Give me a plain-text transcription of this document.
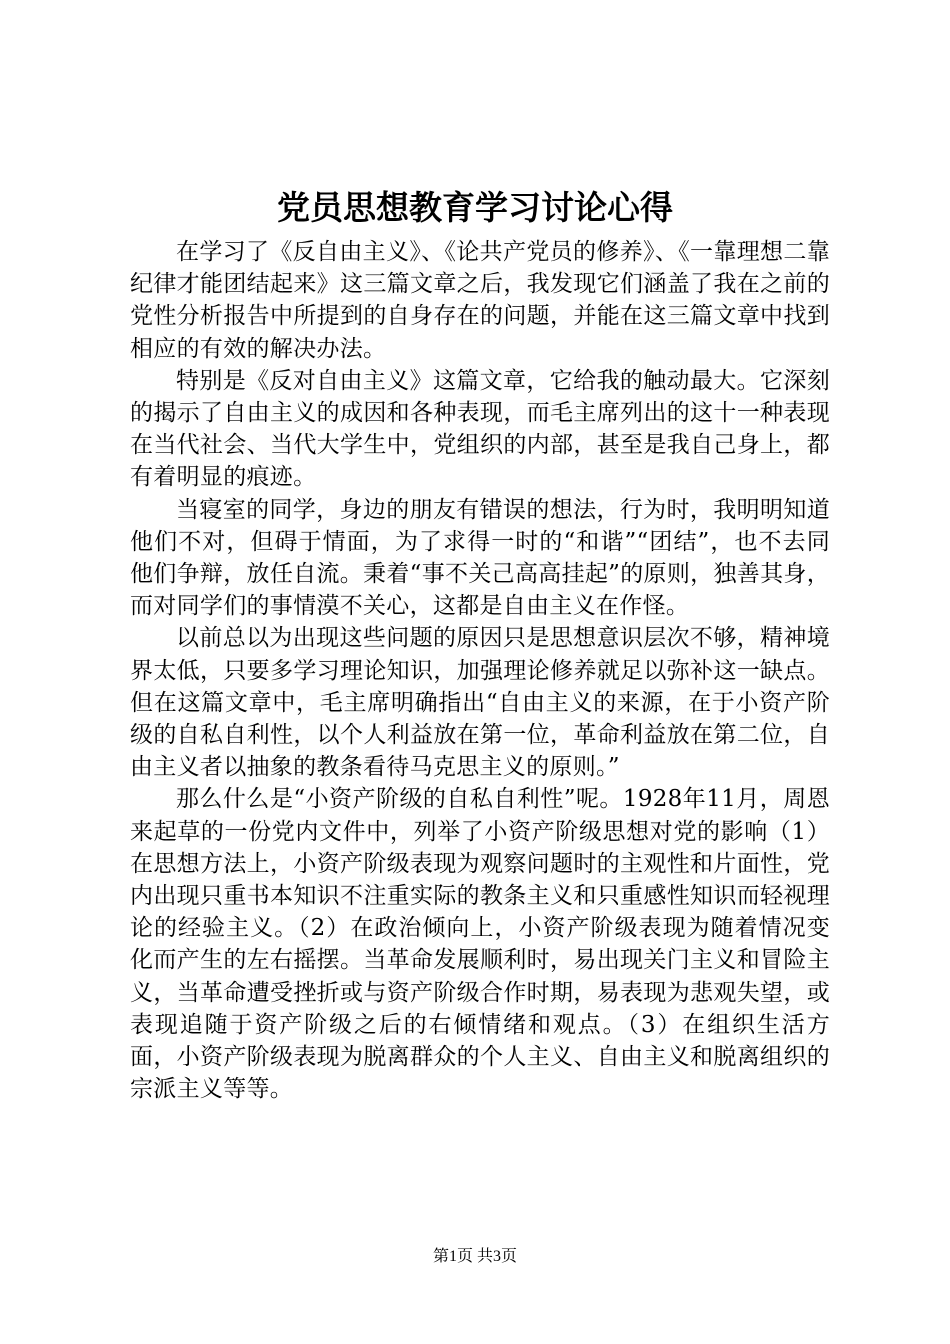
党员思想教育学习讨论心得

在学习了《反自由主义》、《论共产党员的修养》、《一靠理想二靠纪律才能团结起来》这三篇文章之后，我发现它们涵盖了我在之前的党性分析报告中所提到的自身存在的问题，并能在这三篇文章中找到相应的有效的解决办法。

特别是《反对自由主义》这篇文章，它给我的触动最大。它深刻的揭示了自由主义的成因和各种表现，而毛主席列出的这十一种表现在当代社会、当代大学生中，党组织的内部，甚至是我自己身上，都有着明显的痕迹。

当寝室的同学，身边的朋友有错误的想法，行为时，我明明知道他们不对，但碍于情面，为了求得一时的“和谐”“团结”，也不去同他们争辩，放任自流。秉着“事不关己高高挂起”的原则，独善其身，而对同学们的事情漠不关心，这都是自由主义在作怪。

以前总以为出现这些问题的原因只是思想意识层次不够，精神境界太低，只要多学习理论知识，加强理论修养就足以弥补这一缺点。但在这篇文章中，毛主席明确指出“自由主义的来源，在于小资产阶级的自私自利性，以个人利益放在第一位，革命利益放在第二位，自由主义者以抽象的教条看待马克思主义的原则。”

那么什么是“小资产阶级的自私自利性”呢。1928年11月，周恩来起草的一份党内文件中，列举了小资产阶级思想对党的影响（1）在思想方法上，小资产阶级表现为观察问题时的主观性和片面性，党内出现只重书本知识不注重实际的教条主义和只重感性知识而轻视理论的经验主义。（2）在政治倾向上，小资产阶级表现为随着情况变化而产生的左右摇摆。当革命发展顺利时，易出现关门主义和冒险主义，当革命遭受挫折或与资产阶级合作时期，易表现为悲观失望，或表现追随于资产阶级之后的右倾情绪和观点。（3）在组织生活方面，小资产阶级表现为脱离群众的个人主义、自由主义和脱离组织的宗派主义等等。

第1页 共3页
